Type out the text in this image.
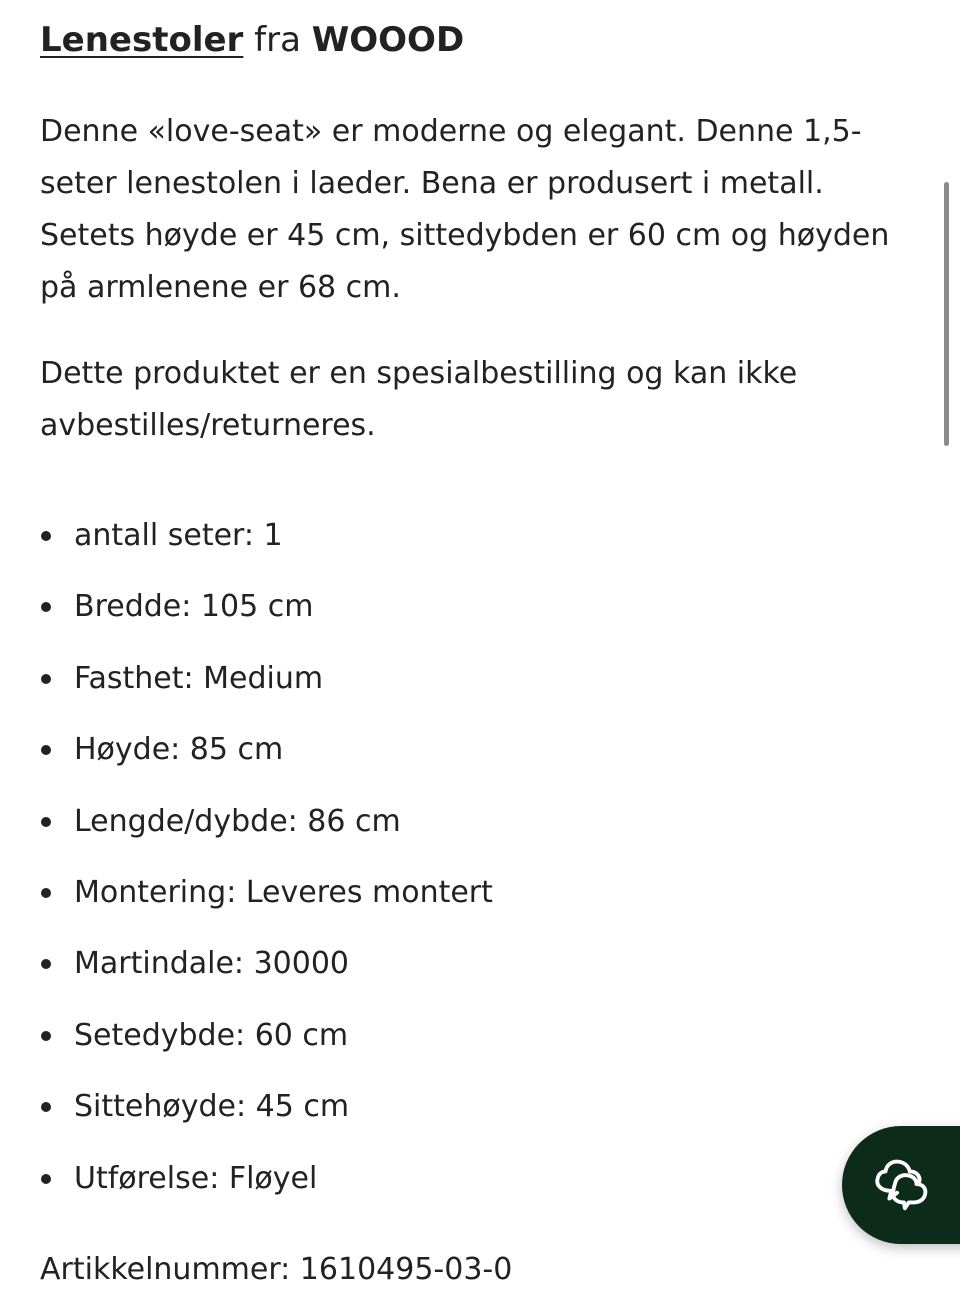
Lenestoler fra WOOOD

Denne «love-seat» er moderne og elegant. Denne 1,5-seter lenestolen i laeder. Bena er produsert i metall. Setets høyde er 45 cm, sittedybden er 60 cm og høyden på armlenene er 68 cm.

Dette produktet er en spesialbestilling og kan ikke avbestilles/returneres.

antall seter: 1
Bredde: 105 cm
Fasthet: Medium
Høyde: 85 cm
Lengde/dybde: 86 cm
Montering: Leveres montert
Martindale: 30000
Setedybde: 60 cm
Sittehøyde: 45 cm
Utførelse: Fløyel

Artikkelnummer: 1610495-03-0
